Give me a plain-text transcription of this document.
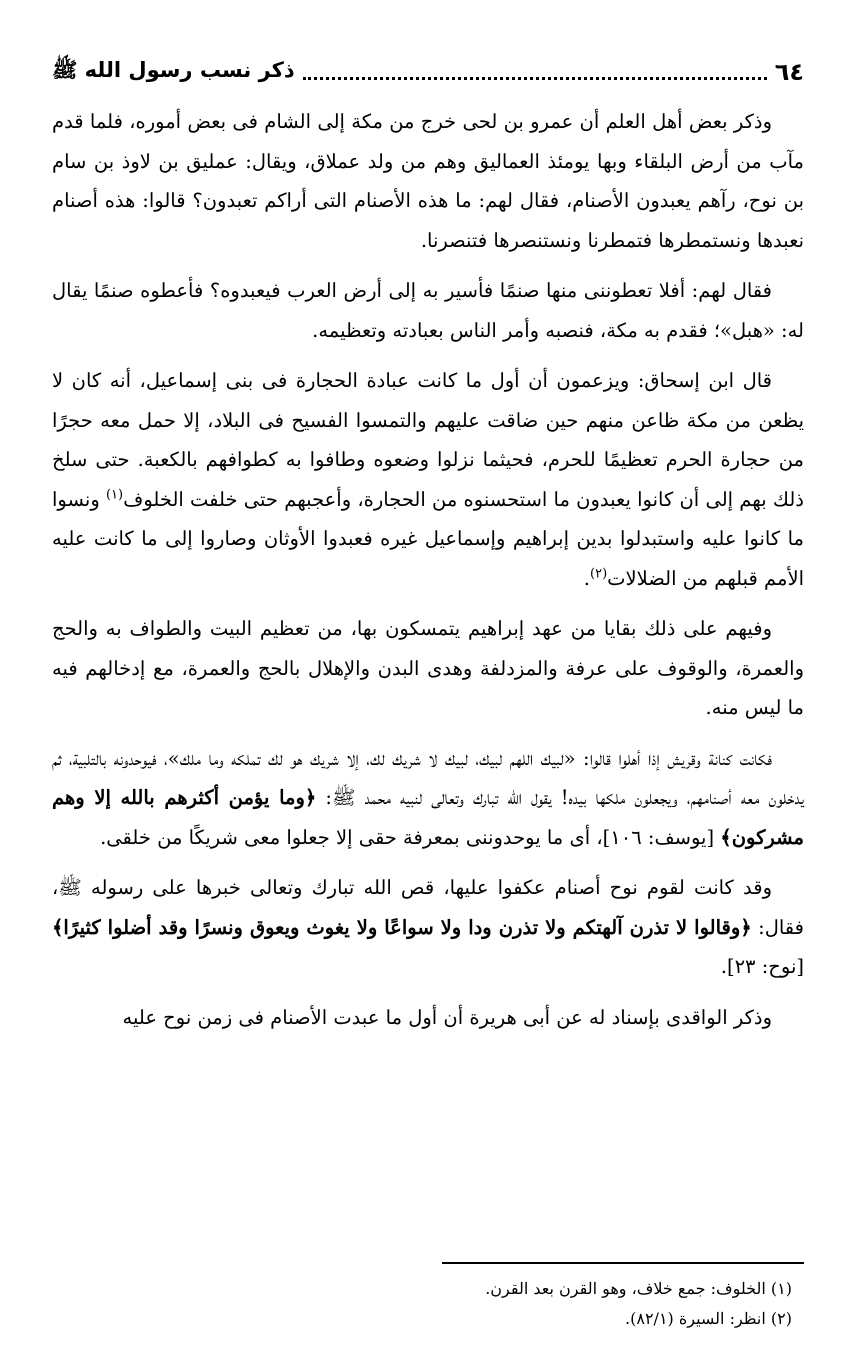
٦٤
ذكر نسب رسول الله ﷺ

وذكر بعض أهل العلم أن عمرو بن لحى خرج من مكة إلى الشام فى بعض أموره، فلما قدم مآب من أرض البلقاء وبها يومئذ العماليق وهم من ولد عملاق، ويقال: عمليق بن لاوذ بن سام بن نوح، رآهم يعبدون الأصنام، فقال لهم: ما هذه الأصنام التى أراكم تعبدون؟ قالوا: هذه أصنام نعبدها ونستمطرها فتمطرنا ونستنصرها فتنصرنا.

فقال لهم: أفلا تعطوننى منها صنمًا فأسير به إلى أرض العرب فيعبدوه؟ فأعطوه صنمًا يقال له: «هبل»؛ فقدم به مكة، فنصبه وأمر الناس بعبادته وتعظيمه.

قال ابن إسحاق: ويزعمون أن أول ما كانت عبادة الحجارة فى بنى إسماعيل، أنه كان لا يظعن من مكة ظاعن منهم حين ضاقت عليهم والتمسوا الفسيح فى البلاد، إلا حمل معه حجرًا من حجارة الحرم تعظيمًا للحرم، فحيثما نزلوا وضعوه وطافوا به كطوافهم بالكعبة. حتى سلخ ذلك بهم إلى أن كانوا يعبدون ما استحسنوه من الحجارة، وأعجبهم حتى خلفت الخلوف$^{(١)}$ ونسوا ما كانوا عليه واستبدلوا بدين إبراهيم وإسماعيل غيره فعبدوا الأوثان وصاروا إلى ما كانت عليه الأمم قبلهم من الضلالات$^{(٢)}$.

وفيهم على ذلك بقايا من عهد إبراهيم يتمسكون بها، من تعظيم البيت والطواف به والحج والعمرة، والوقوف على عرفة والمزدلفة وهدى البدن والإهلال بالحج والعمرة، مع إدخالهم فيه ما ليس منه.

فكانت كنانة وقريش إذا أهلوا قالوا: «لبيك اللهم لبيك، لبيك لا شريك لك، إلا شريك هو لك تملكه وما ملك»، فيوحدونه بالتلبية، ثم يدخلون معه أصنامهم، ويجعلون ملكها بيده! يقول الله تبارك وتعالى لنبيه محمد ﷺ: ﴿وما يؤمن أكثرهم بالله إلا وهم مشركون﴾ [يوسف: ١٠٦]، أى ما يوحدوننى بمعرفة حقى إلا جعلوا معى شريكًا من خلقى.

وقد كانت لقوم نوح أصنام عكفوا عليها، قص الله تبارك وتعالى خبرها على رسوله ﷺ، فقال: ﴿وقالوا لا تذرن آلهتكم ولا تذرن ودا ولا سواعًا ولا يغوث ويعوق ونسرًا وقد أضلوا كثيرًا﴾[نوح: ٢٣].

وذكر الواقدى بإسناد له عن أبى هريرة أن أول ما عبدت الأصنام فى زمن نوح عليه

(١) الخلوف: جمع خلاف، وهو القرن بعد القرن.
(٢) انظر: السيرة (٨٢/١).
